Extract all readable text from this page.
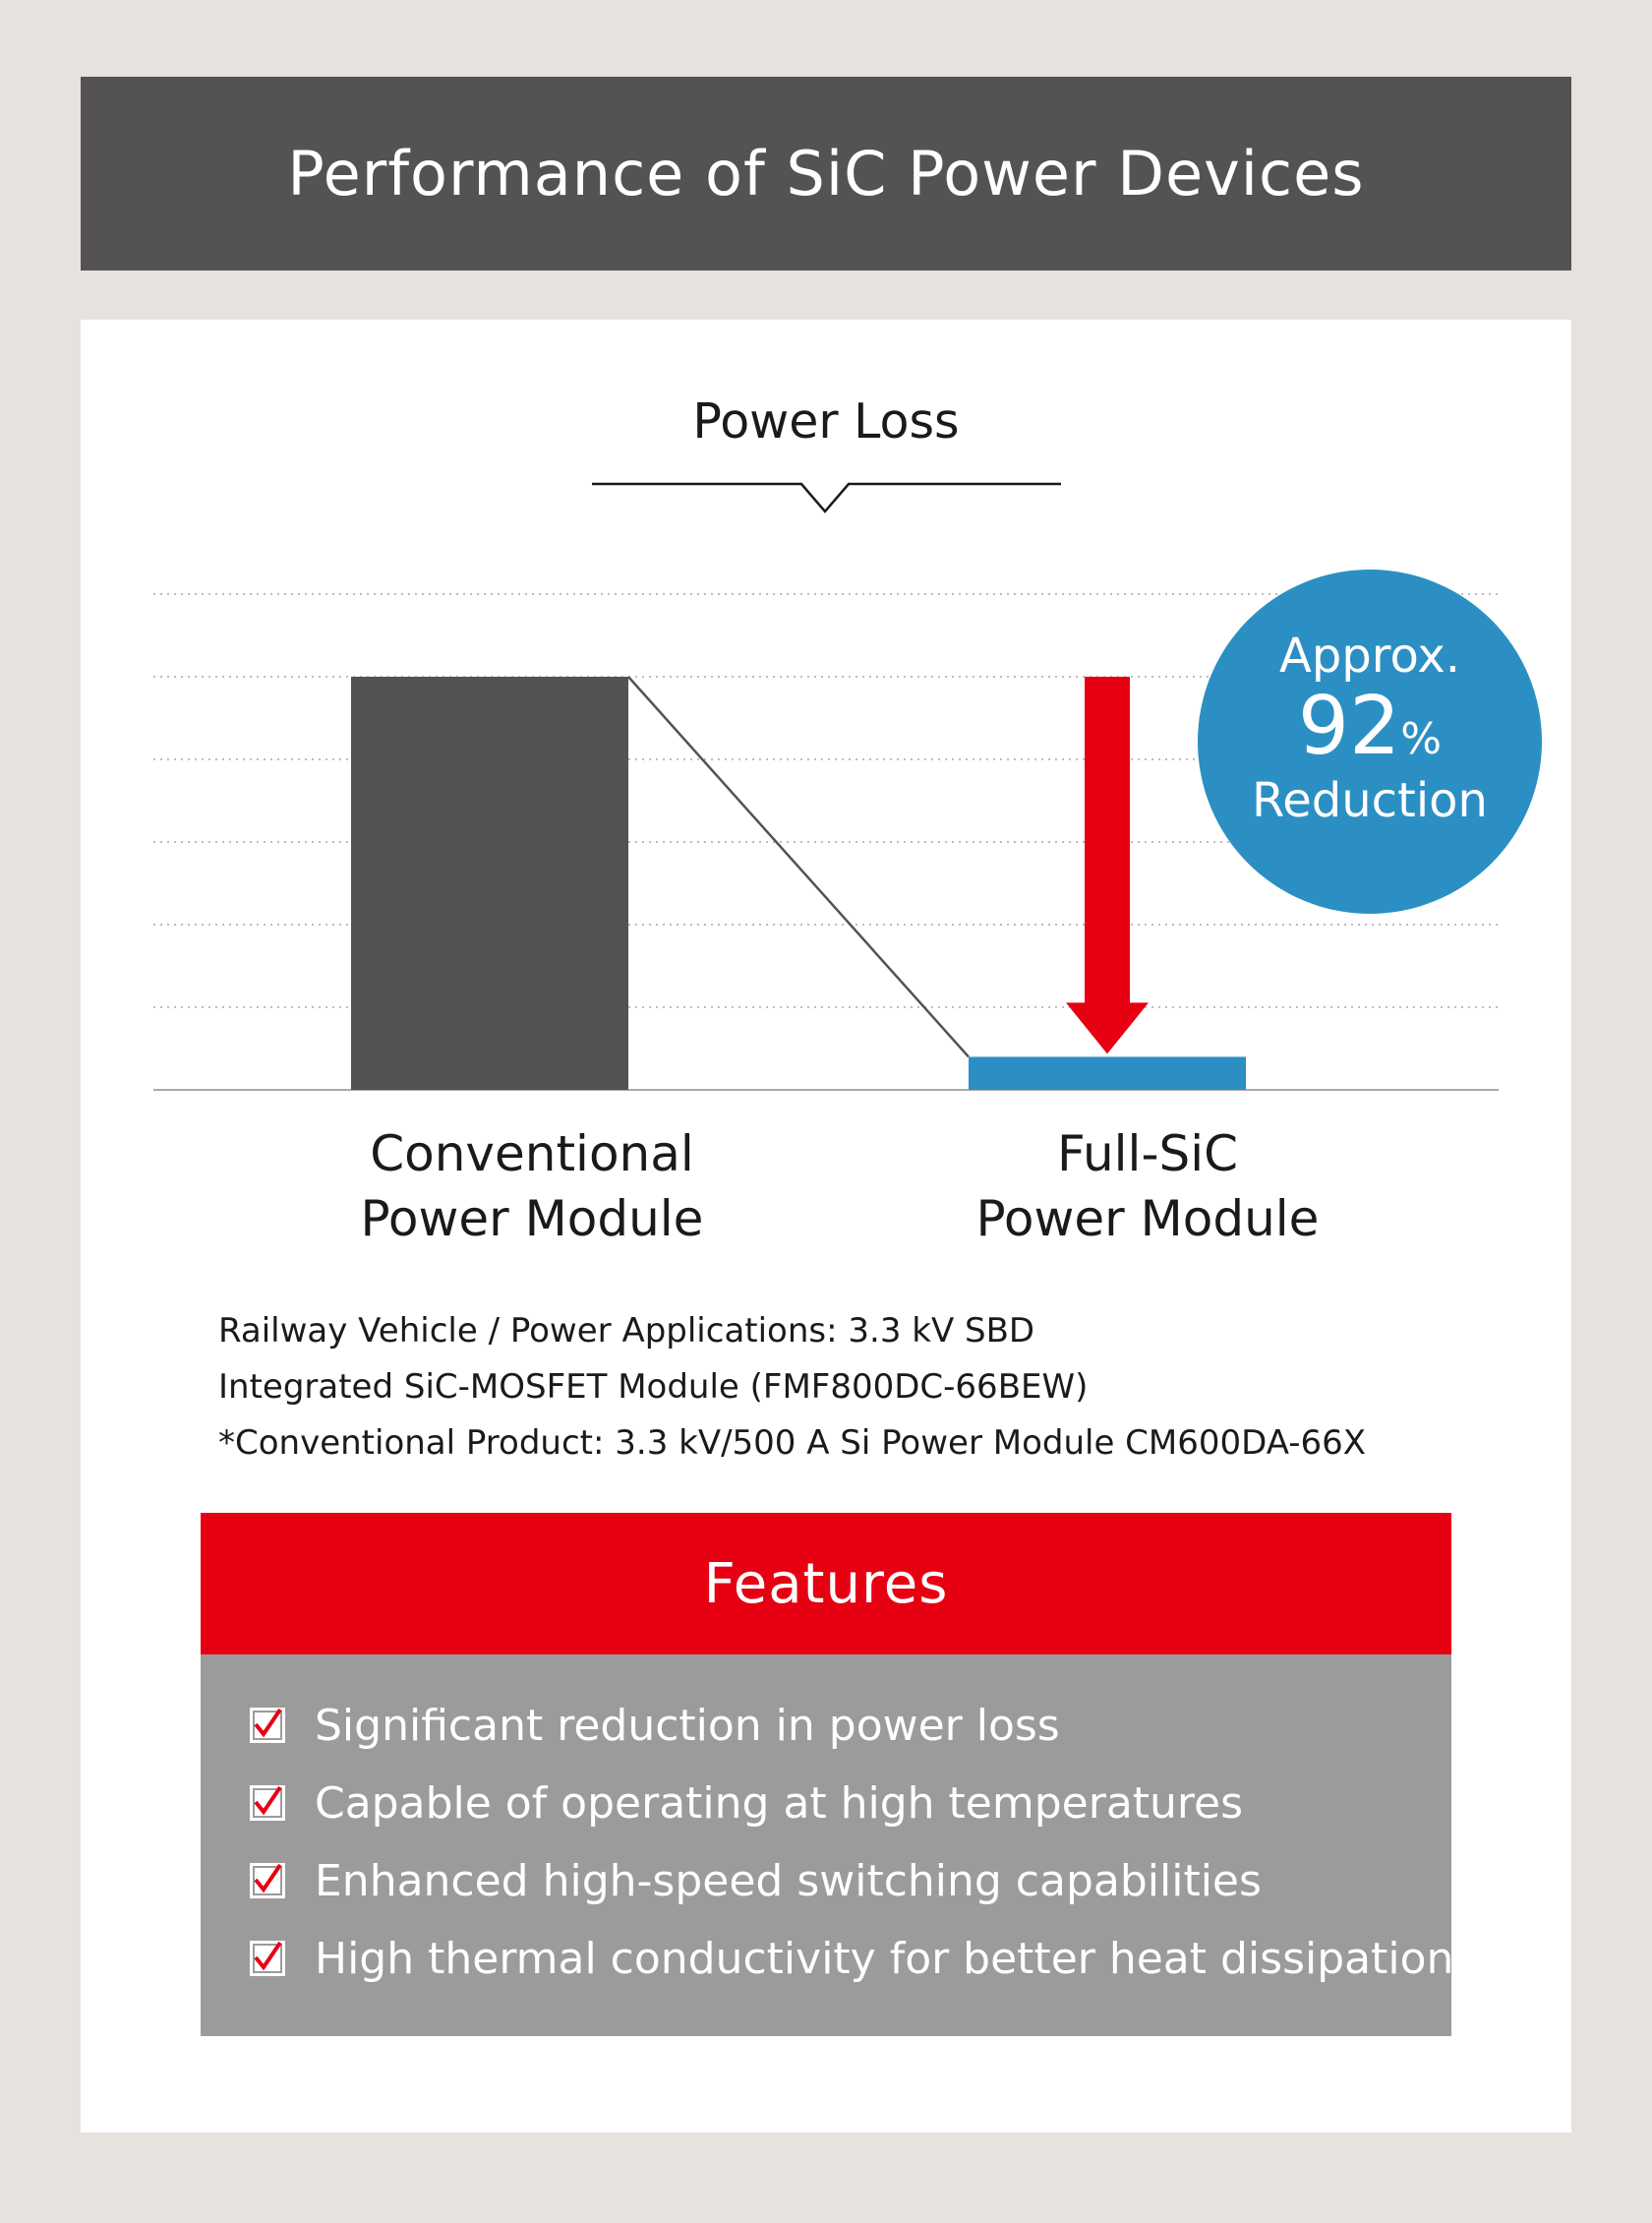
Performance of SiC Power Devices
Approx.
92%
Reduction
Power Loss
Conventional
Power Module
Full-SiC
Power Module
Railway Vehicle / Power Applications: 3.3 kV SBD
Integrated SiC-MOSFET Module (FMF800DC-66BEW)
*Conventional Product: 3.3 kV/500 A Si Power Module CM600DA-66X
Features
Significant reduction in power loss
Capable of operating at high temperatures
Enhanced high-speed switching capabilities
High thermal conductivity for better heat dissipation
